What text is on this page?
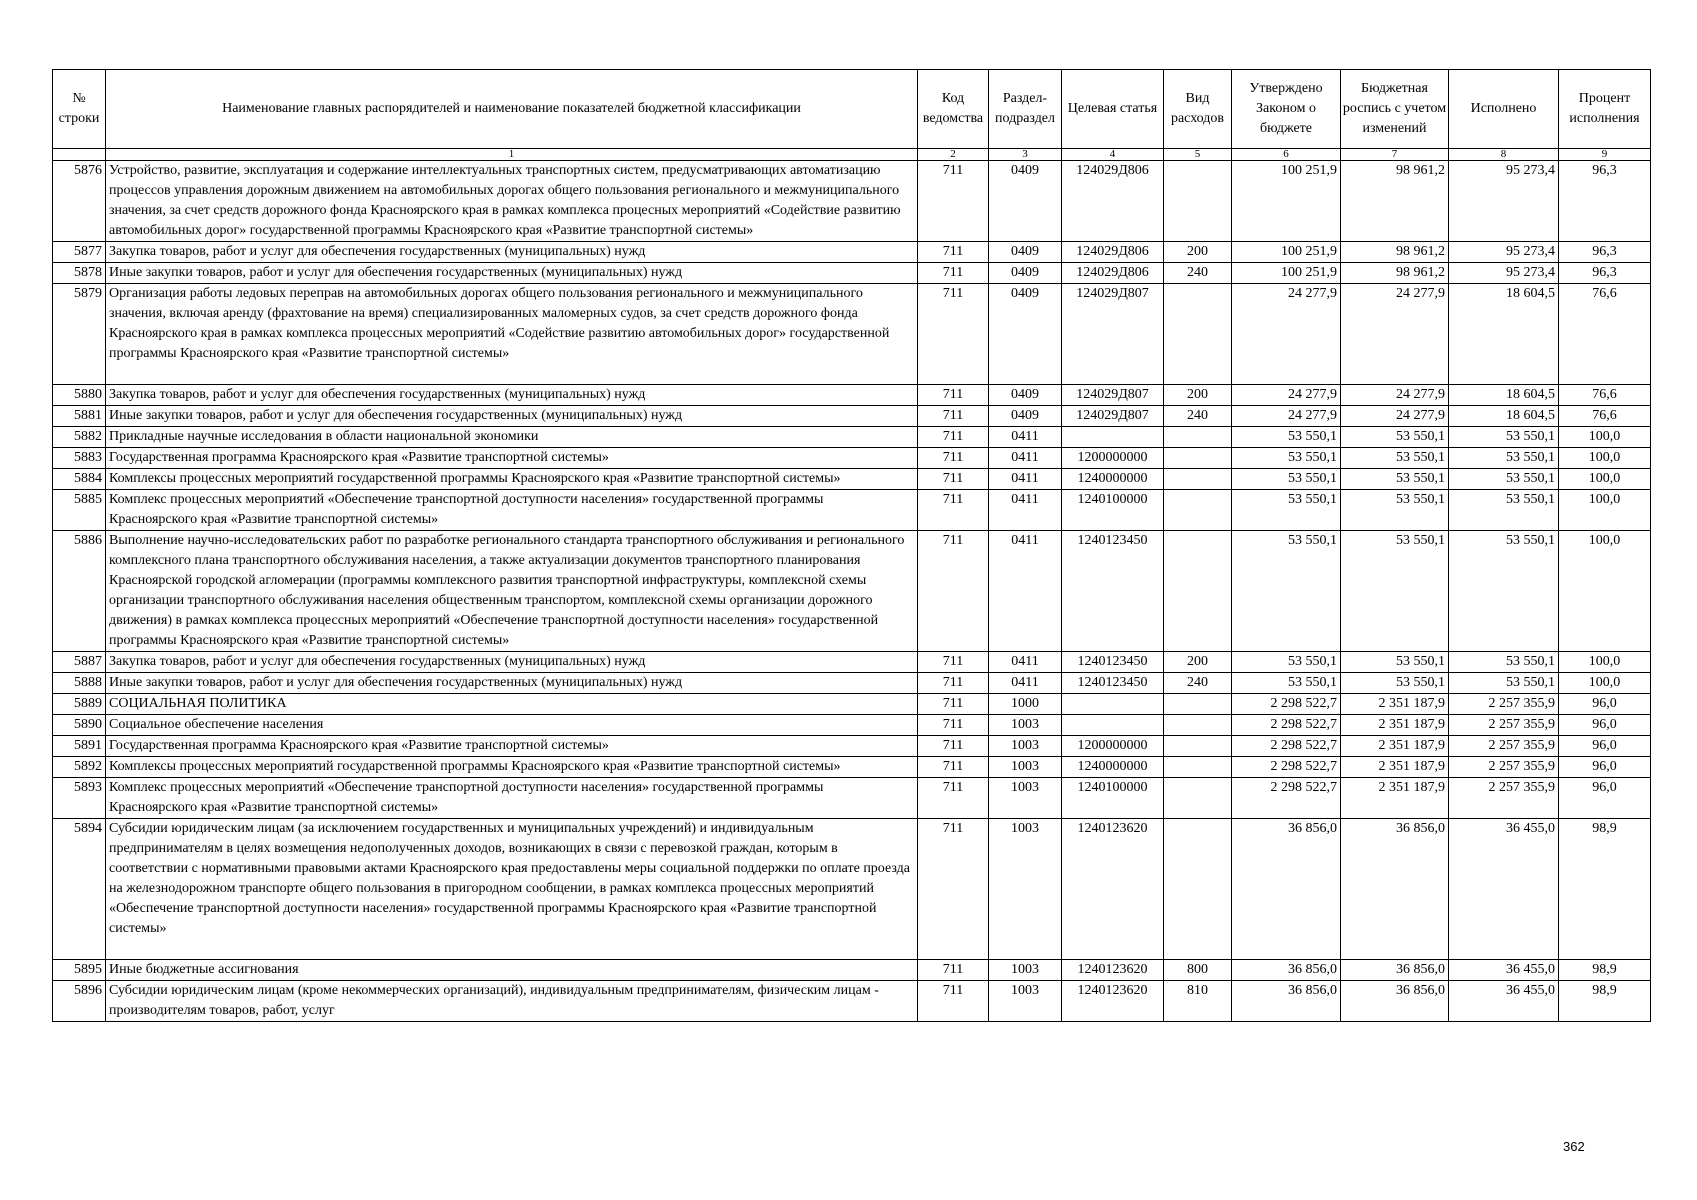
№ строки	Наименование главных распорядителей и наименование показателей бюджетной классификации	Код ведомства	Раздел-подраздел	Целевая статья	Вид расходов	Утверждено Законом о бюджете	Бюджетная роспись с учетом изменений	Исполнено	Процент исполнения
	1	2	3	4	5	6	7	8	9
5876	Устройство, развитие, эксплуатация и содержание интеллектуальных транспортных систем, предусматривающих автоматизацию процессов управления дорожным движением на автомобильных дорогах общего пользования регионального и межмуниципального значения, за счет средств дорожного фонда Красноярского края в рамках комплекса процесных мероприятий «Содействие развитию автомобильных дорог» государственной программы Красноярского края «Развитие транспортной системы»	711	0409	124029Д806		100 251,9	98 961,2	95 273,4	96,3
5877	Закупка товаров, работ и услуг для обеспечения государственных (муниципальных) нужд	711	0409	124029Д806	200	100 251,9	98 961,2	95 273,4	96,3
5878	Иные закупки товаров, работ и услуг для обеспечения государственных (муниципальных) нужд	711	0409	124029Д806	240	100 251,9	98 961,2	95 273,4	96,3
5879	Организация работы ледовых переправ на автомобильных дорогах общего пользования регионального и межмуниципального значения, включая аренду (фрахтование на время) специализированных маломерных судов, за счет средств дорожного фонда Красноярского края в рамках комплекса процессных мероприятий «Содействие развитию автомобильных дорог» государственной программы Красноярского края «Развитие транспортной системы»	711	0409	124029Д807		24 277,9	24 277,9	18 604,5	76,6
5880	Закупка товаров, работ и услуг для обеспечения государственных (муниципальных) нужд	711	0409	124029Д807	200	24 277,9	24 277,9	18 604,5	76,6
5881	Иные закупки товаров, работ и услуг для обеспечения государственных (муниципальных) нужд	711	0409	124029Д807	240	24 277,9	24 277,9	18 604,5	76,6
5882	Прикладные научные исследования в области национальной экономики	711	0411			53 550,1	53 550,1	53 550,1	100,0
5883	Государственная программа Красноярского края «Развитие транспортной системы»	711	0411	1200000000		53 550,1	53 550,1	53 550,1	100,0
5884	Комплексы процессных мероприятий государственной программы Красноярского края «Развитие транспортной системы»	711	0411	1240000000		53 550,1	53 550,1	53 550,1	100,0
5885	Комплекс процессных мероприятий «Обеспечение транспортной доступности населения» государственной программы Красноярского края «Развитие транспортной системы»	711	0411	1240100000		53 550,1	53 550,1	53 550,1	100,0
5886	Выполнение научно-исследовательских работ по разработке регионального стандарта транспортного обслуживания и регионального комплексного плана транспортного обслуживания населения, а также актуализации документов транспортного планирования Красноярской городской агломерации (программы комплексного развития транспортной инфраструктуры, комплексной схемы организации транспортного обслуживания населения общественным транспортом, комплексной схемы организации дорожного движения) в рамках комплекса процессных мероприятий «Обеспечение транспортной доступности населения» государственной программы Красноярского края «Развитие транспортной системы»	711	0411	1240123450		53 550,1	53 550,1	53 550,1	100,0
5887	Закупка товаров, работ и услуг для обеспечения государственных (муниципальных) нужд	711	0411	1240123450	200	53 550,1	53 550,1	53 550,1	100,0
5888	Иные закупки товаров, работ и услуг для обеспечения государственных (муниципальных) нужд	711	0411	1240123450	240	53 550,1	53 550,1	53 550,1	100,0
5889	СОЦИАЛЬНАЯ ПОЛИТИКА	711	1000			2 298 522,7	2 351 187,9	2 257 355,9	96,0
5890	Социальное обеспечение населения	711	1003			2 298 522,7	2 351 187,9	2 257 355,9	96,0
5891	Государственная программа Красноярского края «Развитие транспортной системы»	711	1003	1200000000		2 298 522,7	2 351 187,9	2 257 355,9	96,0
5892	Комплексы процессных мероприятий государственной программы Красноярского края «Развитие транспортной системы»	711	1003	1240000000		2 298 522,7	2 351 187,9	2 257 355,9	96,0
5893	Комплекс процессных мероприятий «Обеспечение транспортной доступности населения» государственной программы Красноярского края «Развитие транспортной системы»	711	1003	1240100000		2 298 522,7	2 351 187,9	2 257 355,9	96,0
5894	Субсидии юридическим лицам (за исключением государственных и муниципальных учреждений) и индивидуальным предпринимателям в целях возмещения недополученных доходов, возникающих в связи с перевозкой граждан, которым в соответствии с нормативными правовыми актами Красноярского края предоставлены меры социальной поддержки по оплате проезда на железнодорожном транспорте общего пользования в пригородном сообщении, в рамках комплекса процессных мероприятий «Обеспечение транспортной доступности населения» государственной программы Красноярского края «Развитие транспортной системы»	711	1003	1240123620		36 856,0	36 856,0	36 455,0	98,9
5895	Иные бюджетные ассигнования	711	1003	1240123620	800	36 856,0	36 856,0	36 455,0	98,9
5896	Субсидии юридическим лицам (кроме некоммерческих организаций), индивидуальным предпринимателям, физическим лицам - производителям товаров, работ, услуг	711	1003	1240123620	810	36 856,0	36 856,0	36 455,0	98,9
362
